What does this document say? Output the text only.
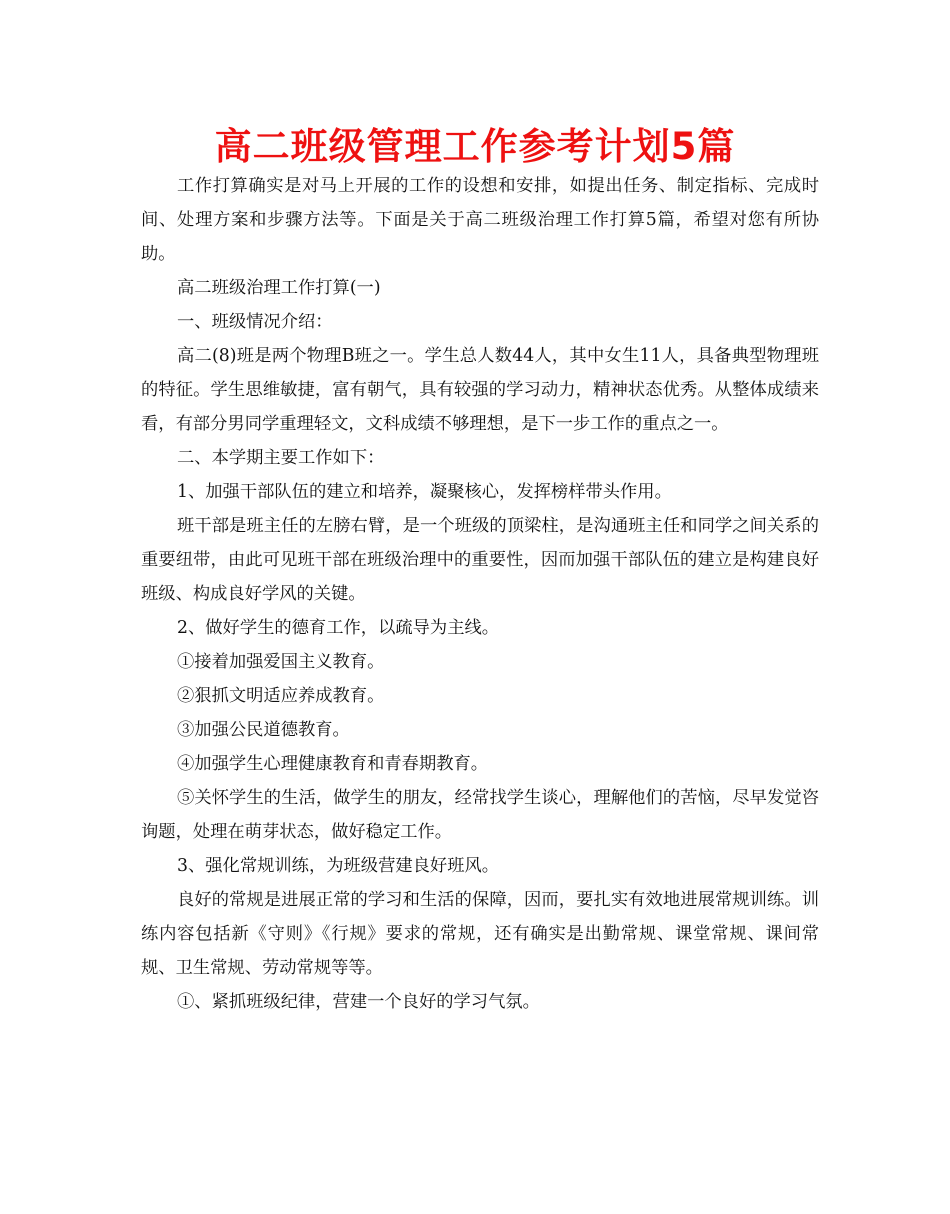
高二班级管理工作参考计划5篇

工作打算确实是对马上开展的工作的设想和安排，如提出任务、制定指标、完成时间、处理方案和步骤方法等。下面是关于高二班级治理工作打算5篇，希望对您有所协助。

高二班级治理工作打算(一)

一、班级情况介绍：

高二(8)班是两个物理B班之一。学生总人数44人，其中女生11人，具备典型物理班的特征。学生思维敏捷，富有朝气，具有较强的学习动力，精神状态优秀。从整体成绩来看，有部分男同学重理轻文，文科成绩不够理想，是下一步工作的重点之一。

二、本学期主要工作如下：

1、加强干部队伍的建立和培养，凝聚核心，发挥榜样带头作用。

班干部是班主任的左膀右臂，是一个班级的顶梁柱，是沟通班主任和同学之间关系的重要纽带，由此可见班干部在班级治理中的重要性，因而加强干部队伍的建立是构建良好班级、构成良好学风的关键。

2、做好学生的德育工作，以疏导为主线。

①接着加强爱国主义教育。

②狠抓文明适应养成教育。

③加强公民道德教育。

④加强学生心理健康教育和青春期教育。

⑤关怀学生的生活，做学生的朋友，经常找学生谈心，理解他们的苦恼，尽早发觉咨询题，处理在萌芽状态，做好稳定工作。

3、强化常规训练，为班级营建良好班风。

良好的常规是进展正常的学习和生活的保障，因而，要扎实有效地进展常规训练。训练内容包括新《守则》《行规》要求的常规，还有确实是出勤常规、课堂常规、课间常规、卫生常规、劳动常规等等。

①、紧抓班级纪律，营建一个良好的学习气氛。
